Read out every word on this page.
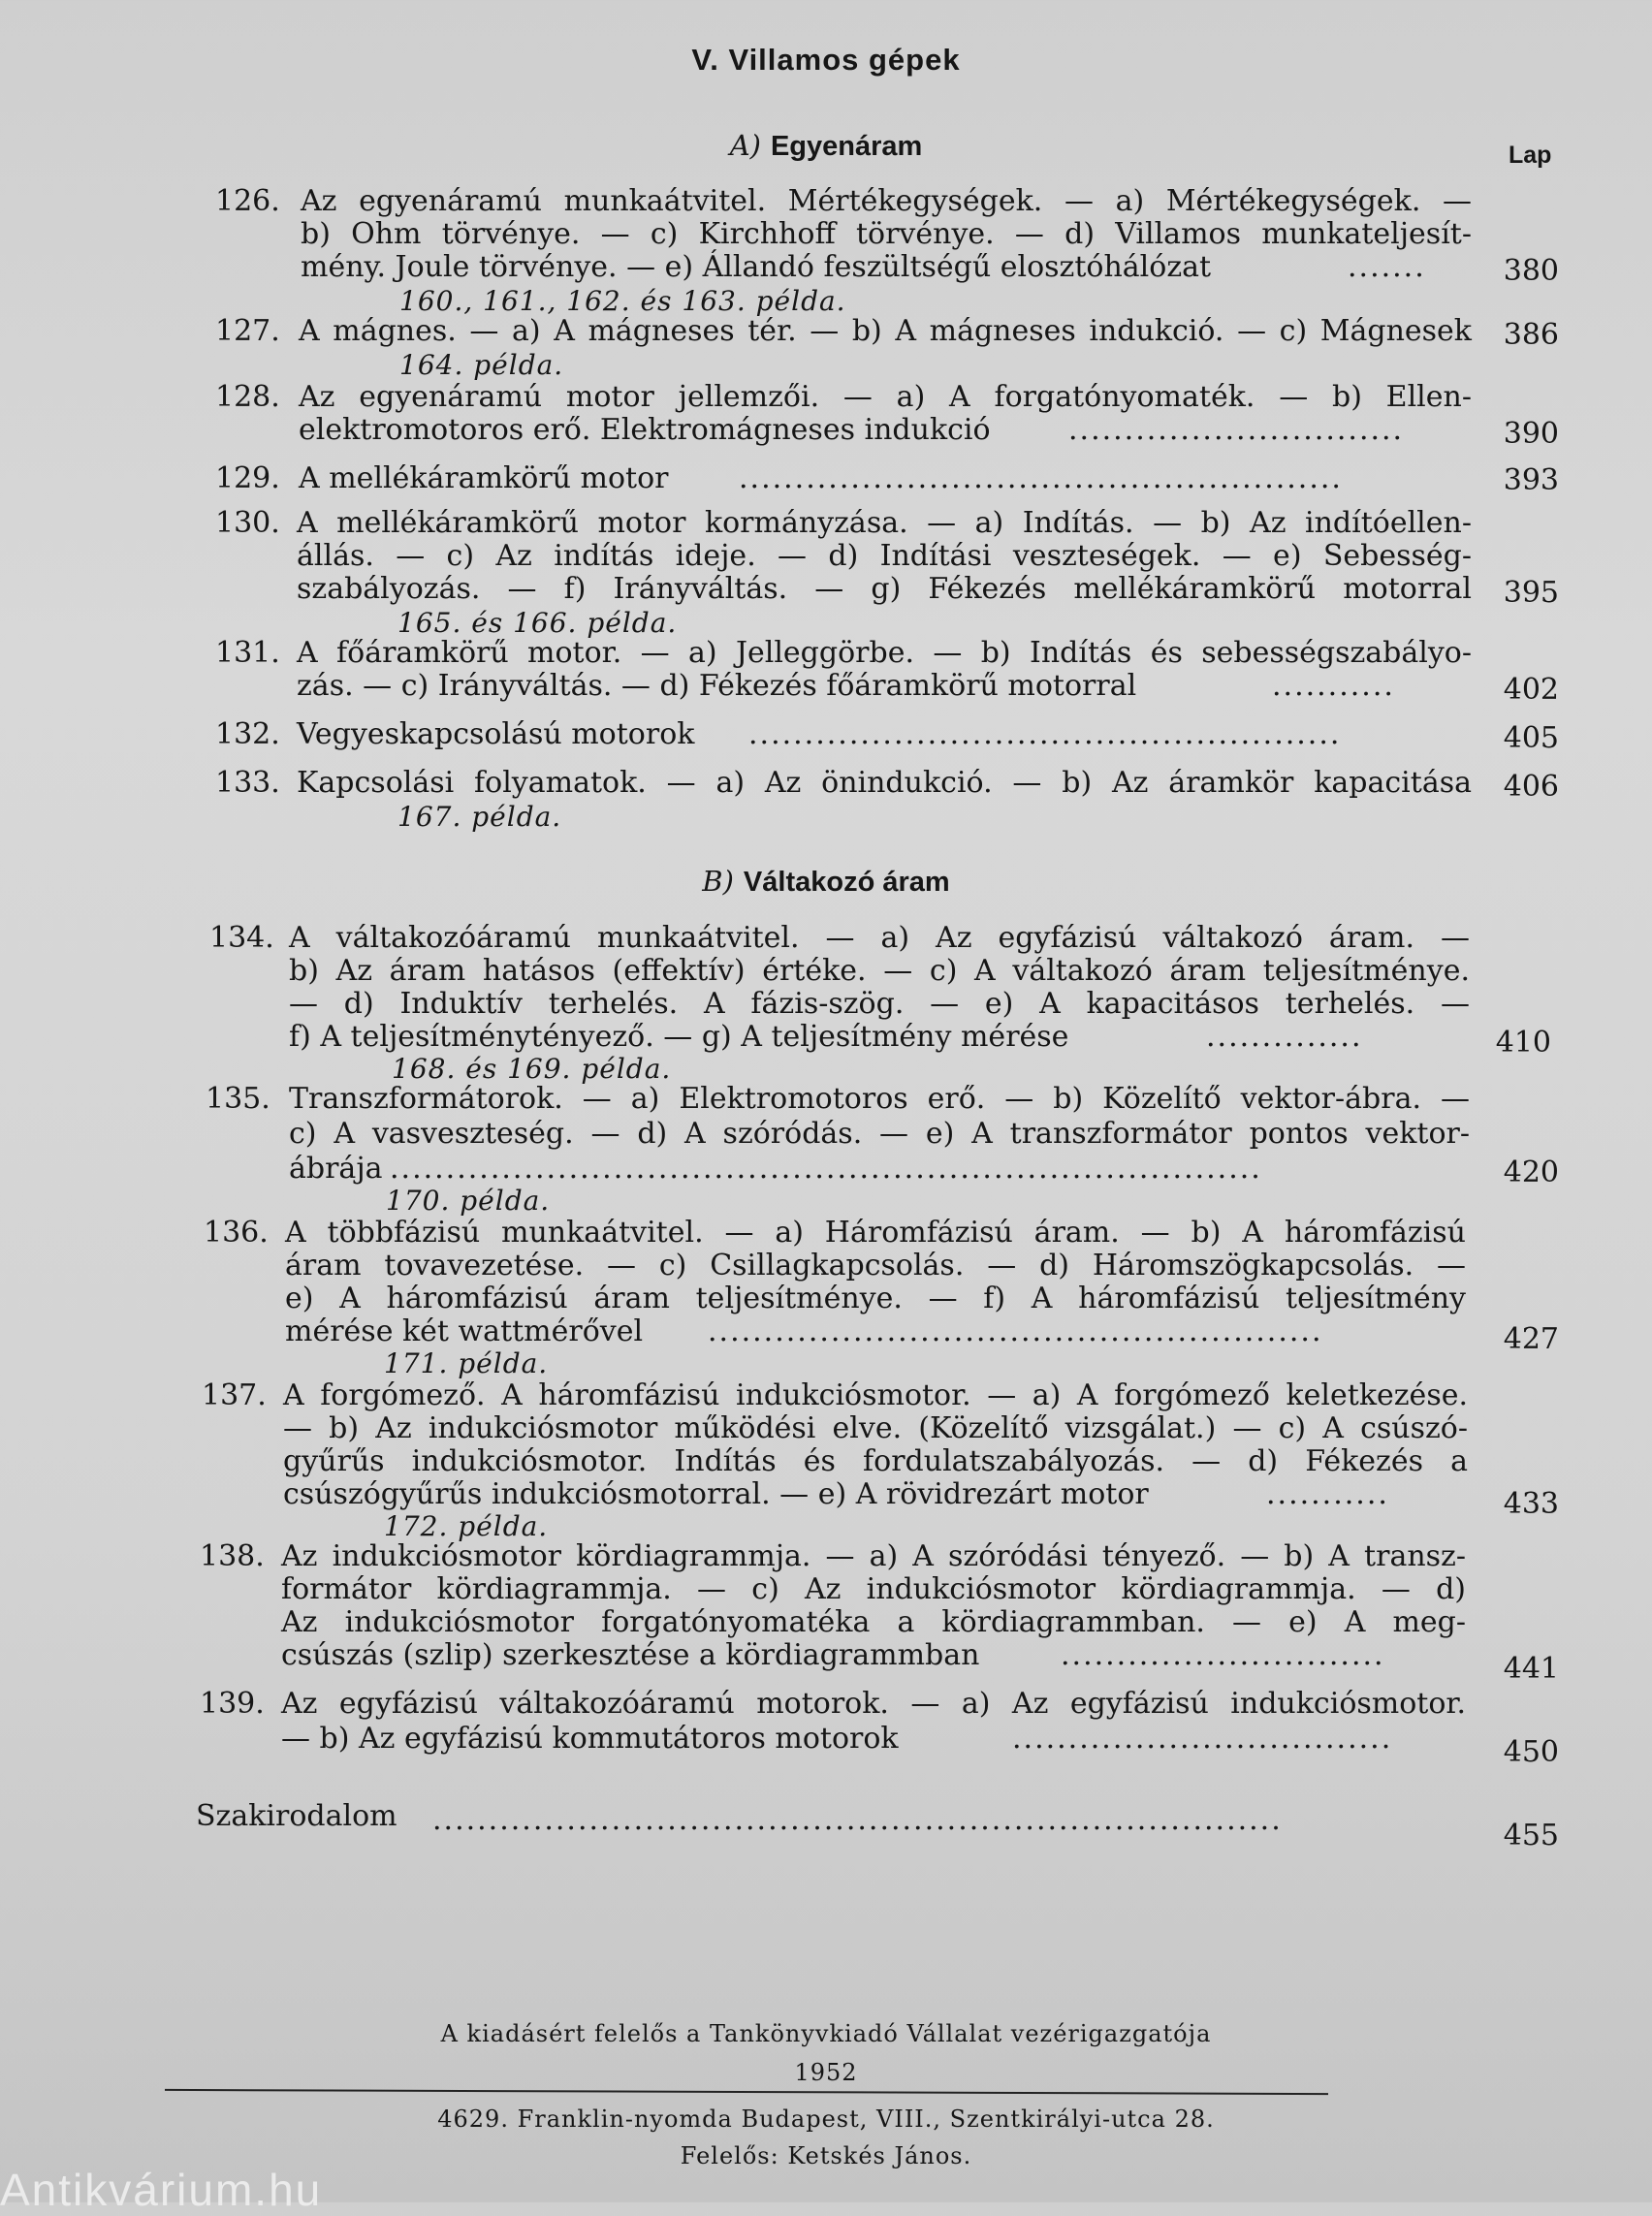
V. Villamos gépek
A) Egyenáram	Lap
126. Az egyenáramú munkaátvitel. Mértékegységek. — a) Mértékegységek. —
b) Ohm törvénye. — c) Kirchhoff törvénye. — d) Villamos munkateljesít-
mény. Joule törvénye. — e) Állandó feszültségű elosztóhálózat	.......	380
160., 161., 162. és 163. példa.
127. A mágnes. — a) A mágneses tér. — b) A mágneses indukció. — c) Mágnesek	386
164. példa.
128. Az egyenáramú motor jellemzői. — a) A forgatónyomaték. — b) Ellen-
elektromotoros erő. Elektromágneses indukció	..............................	390
129. A mellékáramkörű motor	......................................................	393
130. A mellékáramkörű motor kormányzása. — a) Indítás. — b) Az indítóellen-
állás. — c) Az indítás ideje. — d) Indítási veszteségek. — e) Sebesség-
szabályozás. — f) Irányváltás. — g) Fékezés mellékáramkörű motorral	395
165. és 166. példa.
131. A főáramkörű motor. — a) Jelleggörbe. — b) Indítás és sebességszabályo-
zás. — c) Irányváltás. — d) Fékezés főáramkörű motorral	...........	402
132. Vegyeskapcsolású motorok	.....................................................	405
133. Kapcsolási folyamatok. — a) Az önindukció. — b) Az áramkör kapacitása	406
167. példa.
B) Váltakozó áram
134. A váltakozóáramú munkaátvitel. — a) Az egyfázisú váltakozó áram. —
b) Az áram hatásos (effektív) értéke. — c) A váltakozó áram teljesítménye.
— d) Induktív terhelés. A fázis-szög. — e) A kapacitásos terhelés. —
f) A teljesítménytényező. — g) A teljesítmény mérése	..............	410
168. és 169. példa.
135. Transzformátorok. — a) Elektromotoros erő. — b) Közelítő vektor-ábra. —
c) A vasveszteség. — d) A szóródás. — e) A transzformátor pontos vektor-
ábrája ..............................................................................	420
170. példa.
136. A többfázisú munkaátvitel. — a) Háromfázisú áram. — b) A háromfázisú
áram tovavezetése. — c) Csillagkapcsolás. — d) Háromszögkapcsolás. —
e) A háromfázisú áram teljesítménye. — f) A háromfázisú teljesítmény
mérése két wattmérővel	.......................................................	427
171. példa.
137. A forgómező. A háromfázisú indukciósmotor. — a) A forgómező keletkezése.
— b) Az indukciósmotor működési elve. (Közelítő vizsgálat.) — c) A csúszó-
gyűrűs indukciósmotor. Indítás és fordulatszabályozás. — d) Fékezés a
csúszógyűrűs indukciósmotorral. — e) A rövidrezárt motor	...........	433
172. példa.
138. Az indukciósmotor kördiagrammja. — a) A szóródási tényező. — b) A transz-
formátor kördiagrammja. — c) Az indukciósmotor kördiagrammja. — d)
Az indukciósmotor forgatónyomatéka a kördiagrammban. — e) A meg-
csúszás (szlip) szerkesztése a kördiagrammban	.............................	441
139. Az egyfázisú váltakozóáramú motorok. — a) Az egyfázisú indukciósmotor.
— b) Az egyfázisú kommutátoros motorok	..................................	450
Szakirodalom ............................................................................	455
A kiadásért felelős a Tankönyvkiadó Vállalat vezérigazgatója
1952
4629. Franklin-nyomda Budapest, VIII., Szentkirályi-utca 28.
Felelős: Ketskés János.
Antikvárium.hu
